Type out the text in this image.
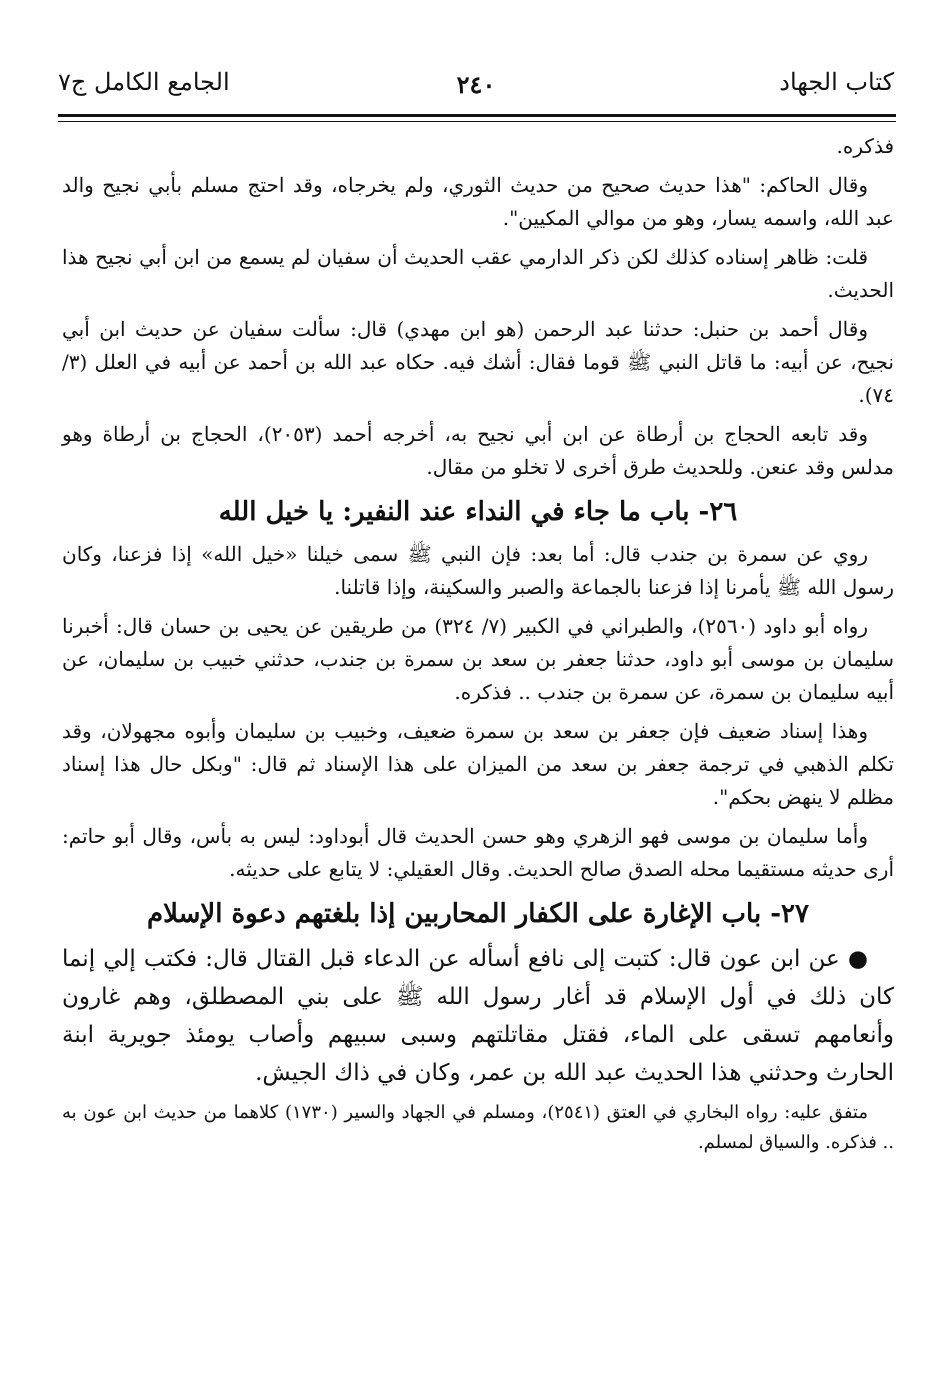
كتاب الجهاد
٢٤٠
الجامع الكامل ج٧

فذكره.

وقال الحاكم: "هذا حديث صحيح من حديث الثوري، ولم يخرجاه، وقد احتج مسلم بأبي نجيح والد عبد الله، واسمه يسار، وهو من موالي المكيين".

قلت: ظاهر إسناده كذلك لكن ذكر الدارمي عقب الحديث أن سفيان لم يسمع من ابن أبي نجيح هذا الحديث.

وقال أحمد بن حنبل: حدثنا عبد الرحمن (هو ابن مهدي) قال: سألت سفيان عن حديث ابن أبي نجيح، عن أبيه: ما قاتل النبي ﷺ قوما فقال: أشك فيه. حكاه عبد الله بن أحمد عن أبيه في العلل (٣/ ٧٤).

وقد تابعه الحجاج بن أرطاة عن ابن أبي نجيح به، أخرجه أحمد (٢٠٥٣)، الحجاج بن أرطاة وهو مدلس وقد عنعن. وللحديث طرق أخرى لا تخلو من مقال.

٢٦- باب ما جاء في النداء عند النفير: يا خيل الله

روي عن سمرة بن جندب قال: أما بعد: فإن النبي ﷺ سمى خيلنا «خيل الله» إذا فزعنا، وكان رسول الله ﷺ يأمرنا إذا فزعنا بالجماعة والصبر والسكينة، وإذا قاتلنا.

رواه أبو داود (٢٥٦٠)، والطبراني في الكبير (٧/ ٣٢٤) من طريقين عن يحيى بن حسان قال: أخبرنا سليمان بن موسى أبو داود، حدثنا جعفر بن سعد بن سمرة بن جندب، حدثني خبيب بن سليمان، عن أبيه سليمان بن سمرة، عن سمرة بن جندب .. فذكره.

وهذا إسناد ضعيف فإن جعفر بن سعد بن سمرة ضعيف، وخبيب بن سليمان وأبوه مجهولان، وقد تكلم الذهبي في ترجمة جعفر بن سعد من الميزان على هذا الإسناد ثم قال: "وبكل حال هذا إسناد مظلم لا ينهض بحكم".

وأما سليمان بن موسى فهو الزهري وهو حسن الحديث قال أبوداود: ليس به بأس، وقال أبو حاتم: أرى حديثه مستقيما محله الصدق صالح الحديث. وقال العقيلي: لا يتابع على حديثه.

٢٧- باب الإغارة على الكفار المحاربين إذا بلغتهم دعوة الإسلام

● عن ابن عون قال: كتبت إلى نافع أسأله عن الدعاء قبل القتال قال: فكتب إلي إنما كان ذلك في أول الإسلام قد أغار رسول الله ﷺ على بني المصطلق، وهم غارون وأنعامهم تسقى على الماء، فقتل مقاتلتهم وسبى سبيهم وأصاب يومئذ جويرية ابنة الحارث وحدثني هذا الحديث عبد الله بن عمر، وكان في ذاك الجيش.

متفق عليه: رواه البخاري في العتق (٢٥٤١)، ومسلم في الجهاد والسير (١٧٣٠) كلاهما من حديث ابن عون به .. فذكره. والسياق لمسلم.
